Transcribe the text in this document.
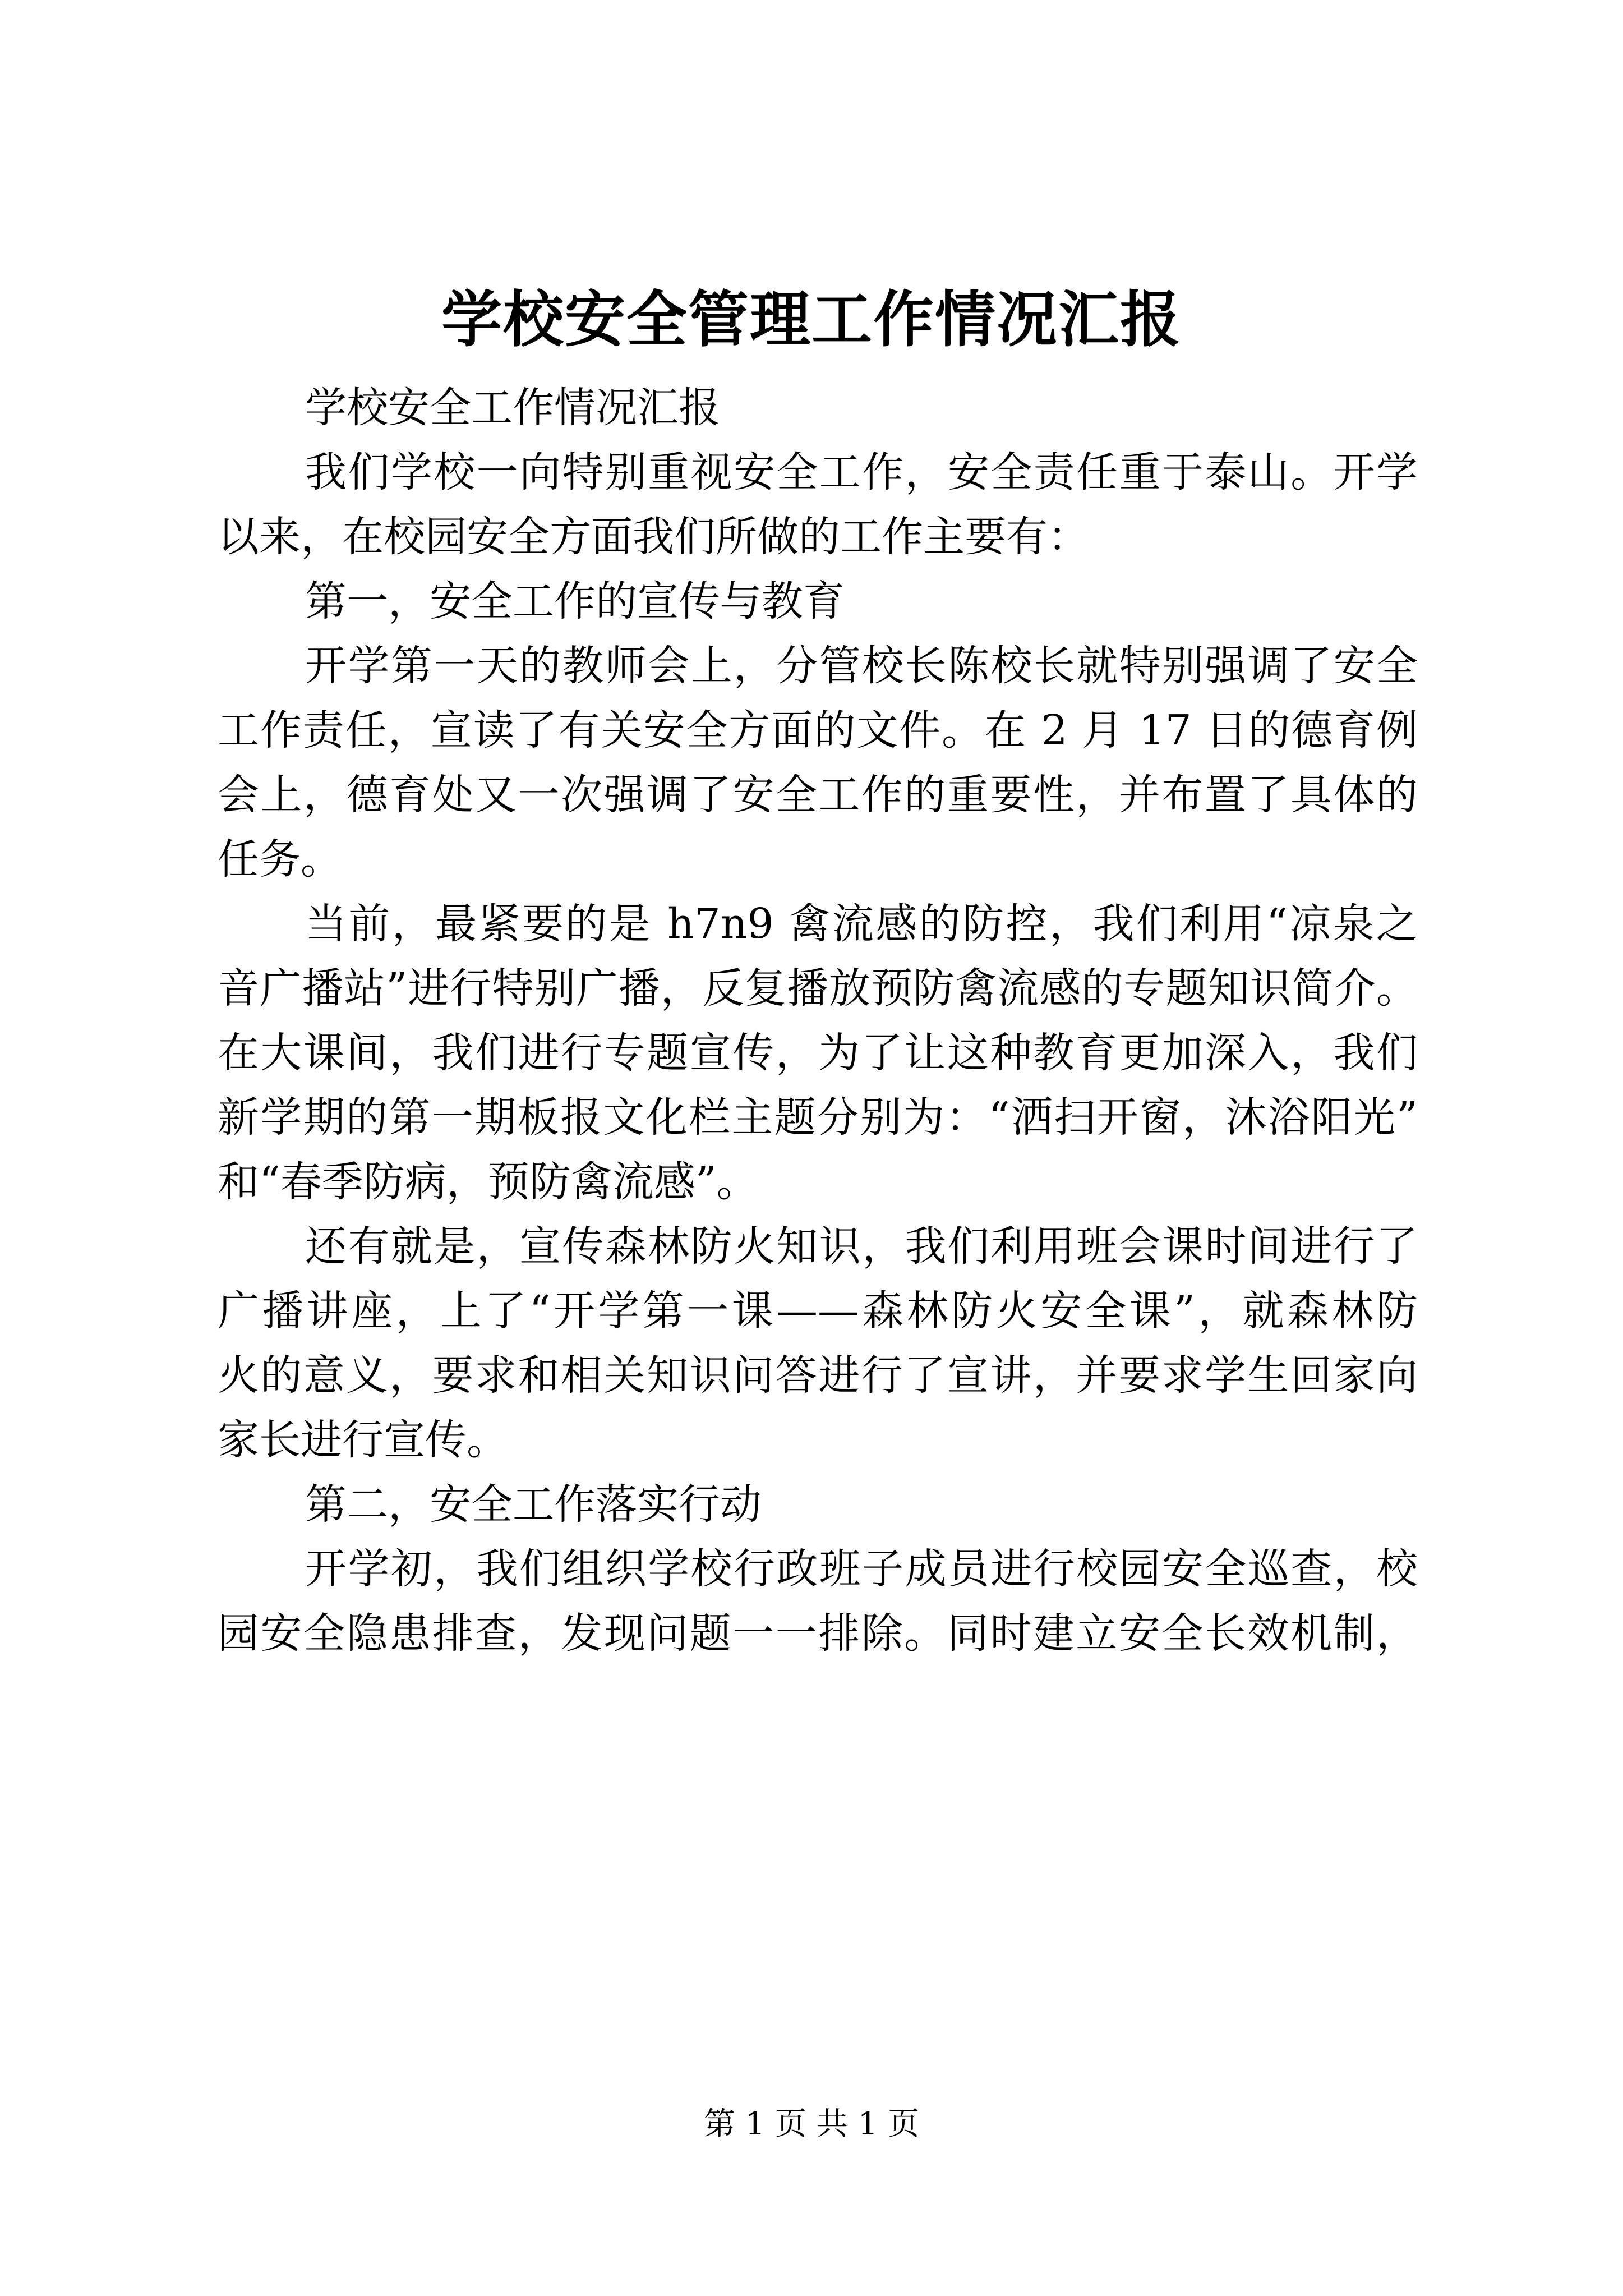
学校安全管理工作情况汇报
学校安全工作情况汇报
我们学校一向特别重视安全工作，安全责任重于泰山。开学
以来，在校园安全方面我们所做的工作主要有：
第一，安全工作的宣传与教育
开学第一天的教师会上，分管校长陈校长就特别强调了安全
工作责任，宣读了有关安全方面的文件。在 2 月 17 日的德育例
会上，德育处又一次强调了安全工作的重要性，并布置了具体的
任务。
当前，最紧要的是 h7n9 禽流感的防控，我们利用“凉泉之
音广播站”进行特别广播，反复播放预防禽流感的专题知识简介。
在大课间，我们进行专题宣传，为了让这种教育更加深入，我们
新学期的第一期板报文化栏主题分别为：“洒扫开窗，沐浴阳光”
和“春季防病，预防禽流感”。
还有就是，宣传森林防火知识，我们利用班会课时间进行了
广播讲座，上了“开学第一课——森林防火安全课”，就森林防
火的意义，要求和相关知识问答进行了宣讲，并要求学生回家向
家长进行宣传。
第二，安全工作落实行动
开学初，我们组织学校行政班子成员进行校园安全巡查，校
园安全隐患排查，发现问题一一排除。同时建立安全长效机制，
第 1 页 共 1 页
